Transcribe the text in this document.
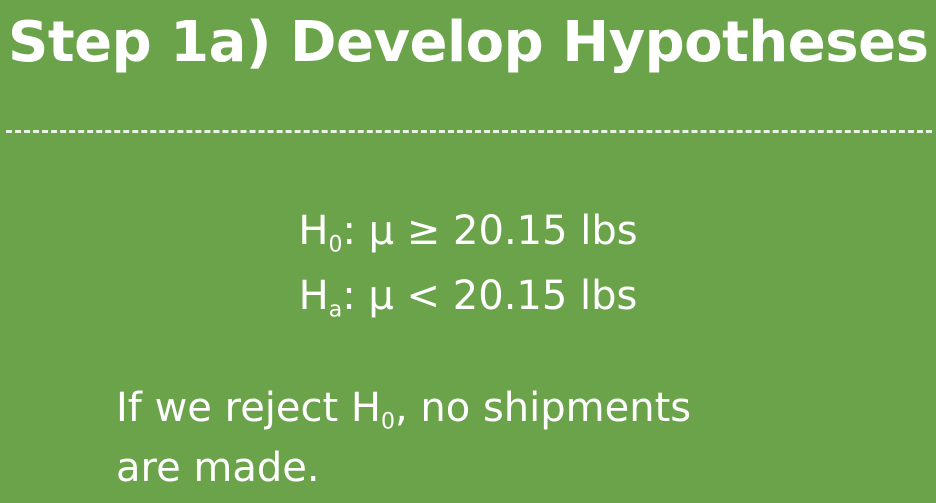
Step 1a) Develop Hypotheses
$H_0$: μ ≥ 20.15 lbs
$H_a$: μ < 20.15 lbs
If we reject $H_0$, no shipments
are made.
